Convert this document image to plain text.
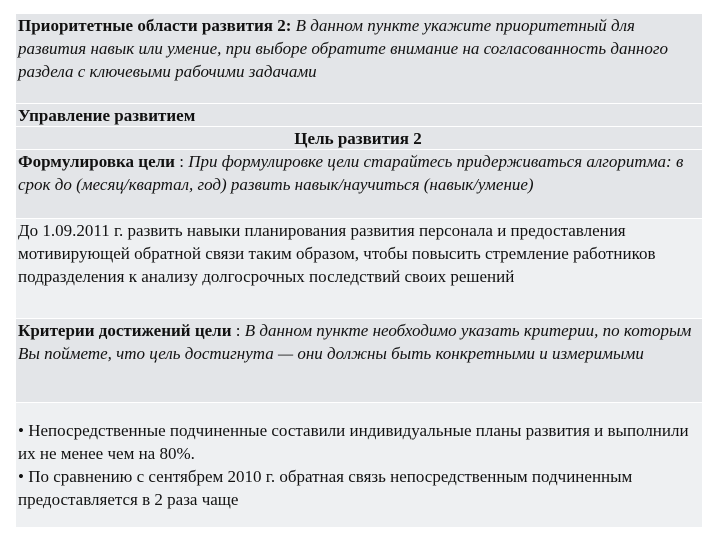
Приоритетные области развития 2: В данном пункте укажите приоритетный для развития навык или умение, при выборе обратите внимание на согласованность данного раздела с ключевыми рабочими задачами
Управление развитием
Цель развития 2
Формулировка цели : При формулировке цели старайтесь придерживаться алгоритма: в срок до (месяц/квартал, год) развить навык/научиться (навык/умение)
До 1.09.2011 г. развить навыки планирования развития персонала и предоставления мотивирующей обратной связи таким образом, чтобы повысить стремление работников подразделения к анализу долгосрочных последствий своих решений
Критерии достижений цели : В данном пункте необходимо указать критерии, по которым Вы поймете, что цель достигнута — они должны быть конкретными и измеримыми
• Непосредственные подчиненные составили индивидуальные планы развития и выполнили их не менее чем на 80%.
• По сравнению с сентябрем 2010 г. обратная связь непосредственным подчиненным предоставляется в 2 раза чаще
